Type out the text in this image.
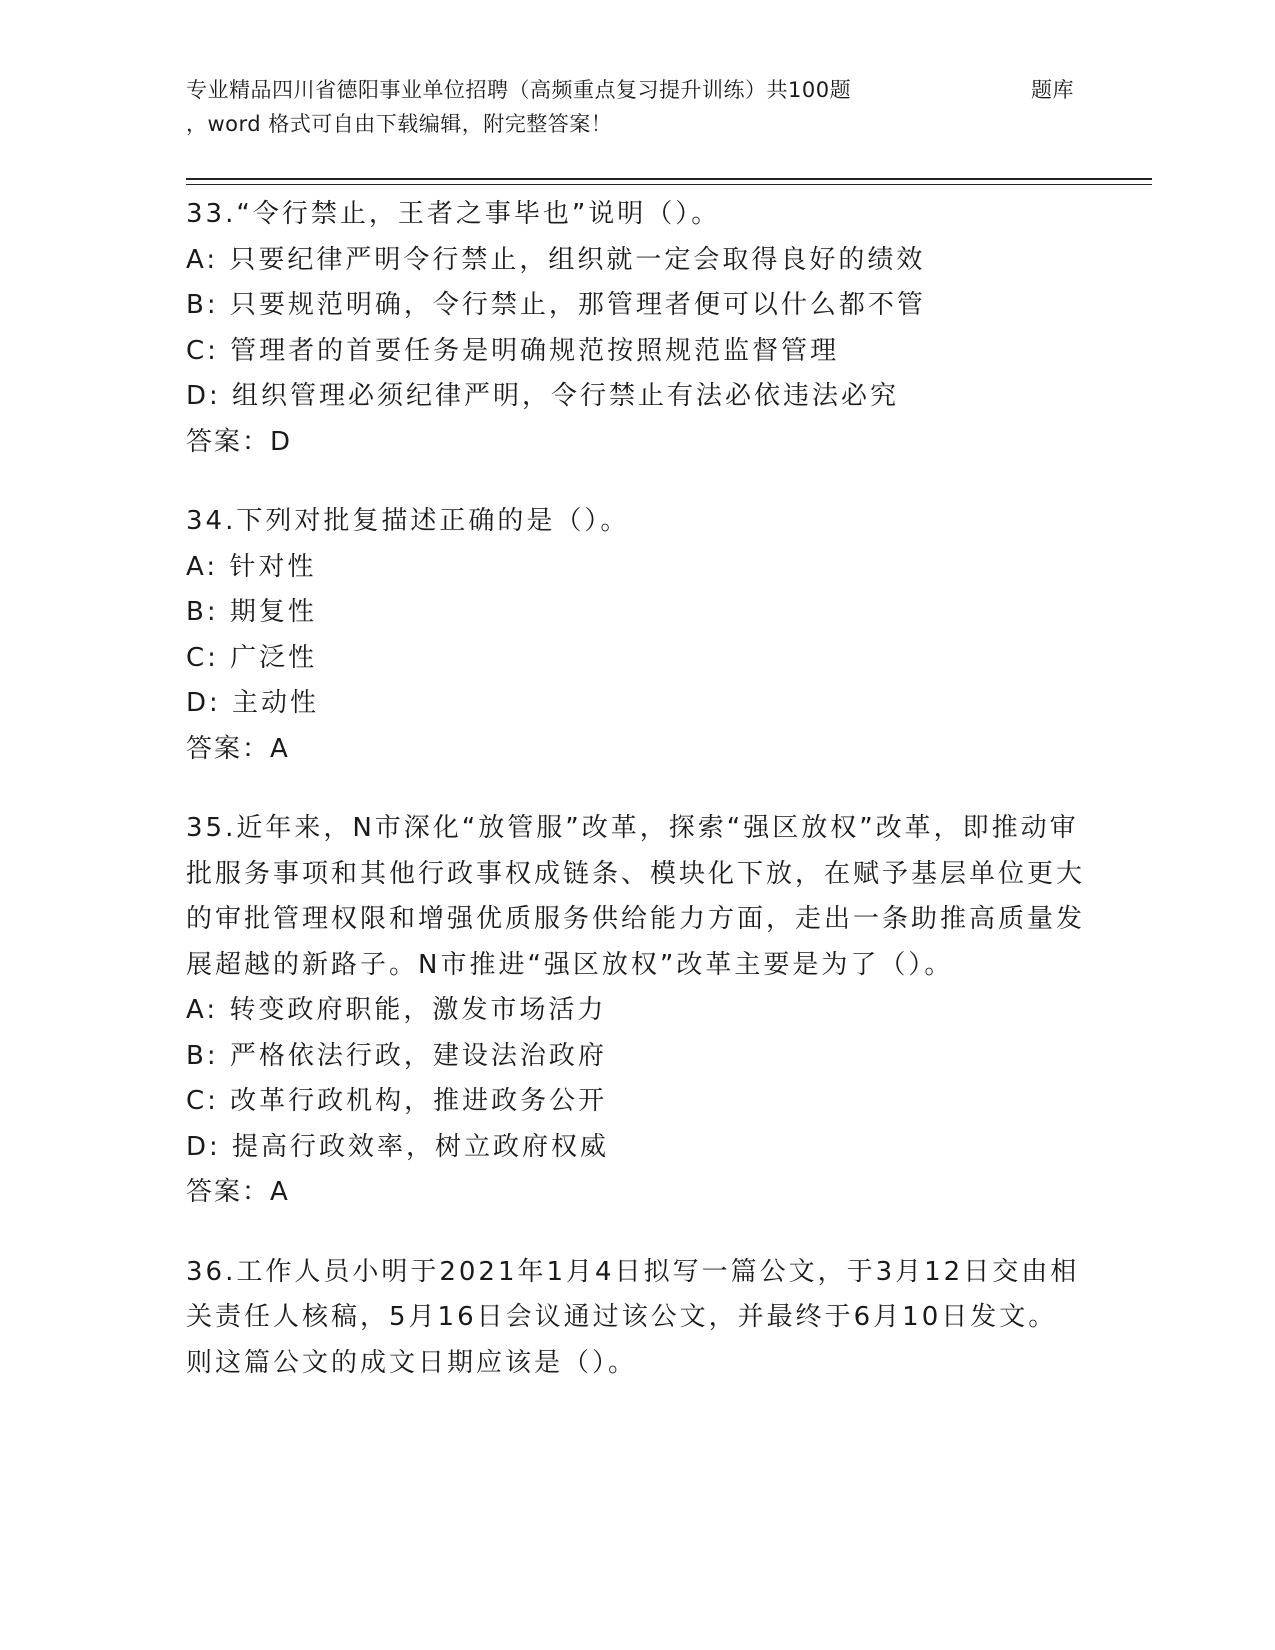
专业精品四川省德阳事业单位招聘（高频重点复习提升训练）共100题	题库
，word 格式可自由下载编辑，附完整答案！

33.“令行禁止，王者之事毕也”说明（）。

A: 只要纪律严明令行禁止，组织就一定会取得良好的绩效

B: 只要规范明确，令行禁止，那管理者便可以什么都不管

C: 管理者的首要任务是明确规范按照规范监督管理

D: 组织管理必须纪律严明，令行禁止有法必依违法必究

答案：D

34.下列对批复描述正确的是（）。

A: 针对性

B: 期复性

C: 广泛性

D: 主动性

答案：A

35.近年来，N市深化“放管服”改革，探索“强区放权”改革，即推动审批服务事项和其他行政事权成链条、模块化下放，在赋予基层单位更大的审批管理权限和增强优质服务供给能力方面，走出一条助推高质量发展超越的新路子。N市推进“强区放权”改革主要是为了（）。

A: 转变政府职能，激发市场活力

B: 严格依法行政，建设法治政府

C: 改革行政机构，推进政务公开

D: 提高行政效率，树立政府权威

答案：A

36.工作人员小明于2021年1月4日拟写一篇公文，于3月12日交由相关责任人核稿，5月16日会议通过该公文，并最终于6月10日发文。则这篇公文的成文日期应该是（）。
